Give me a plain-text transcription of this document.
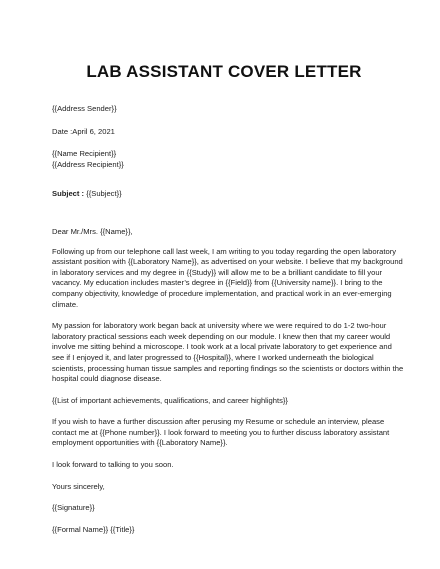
LAB ASSISTANT COVER LETTER

{{Address Sender}}

Date :April 6, 2021

{{Name Recipient}}

{{Address Recipient}}

Subject : {{Subject}}

Dear Mr./Mrs. {{Name}},

Following up from our telephone call last week, I am writing to you today regarding the open laboratory
assistant position with {{Laboratory Name}}, as advertised on your website. I believe that my background
in laboratory services and my degree in {{Study}} will allow me to be a brilliant candidate to fill your
vacancy. My education includes master’s degree in {{Field}} from {{University name}}. I bring to the
company objectivity, knowledge of procedure implementation, and practical work in an ever-emerging
climate.
My passion for laboratory work began back at university where we were required to do 1-2 two-hour
laboratory practical sessions each week depending on our module. I knew then that my career would
involve me sitting behind a microscope. I took work at a local private laboratory to get experience and
see if I enjoyed it, and later progressed to {{Hospital}}, where I worked underneath the biological
scientists, processing human tissue samples and reporting findings so the scientists or doctors within the
hospital could diagnose disease.
{{List of important achievements, qualifications, and career highlights}}
If you wish to have a further discussion after perusing my Resume or schedule an interview, please
contact me at {{Phone number}}. I look forward to meeting you to further discuss laboratory assistant
employment opportunities with {{Laboratory Name}}.
I look forward to talking to you soon.

Yours sincerely,

{{Signature}}

{{Formal Name}} {{Title}}
